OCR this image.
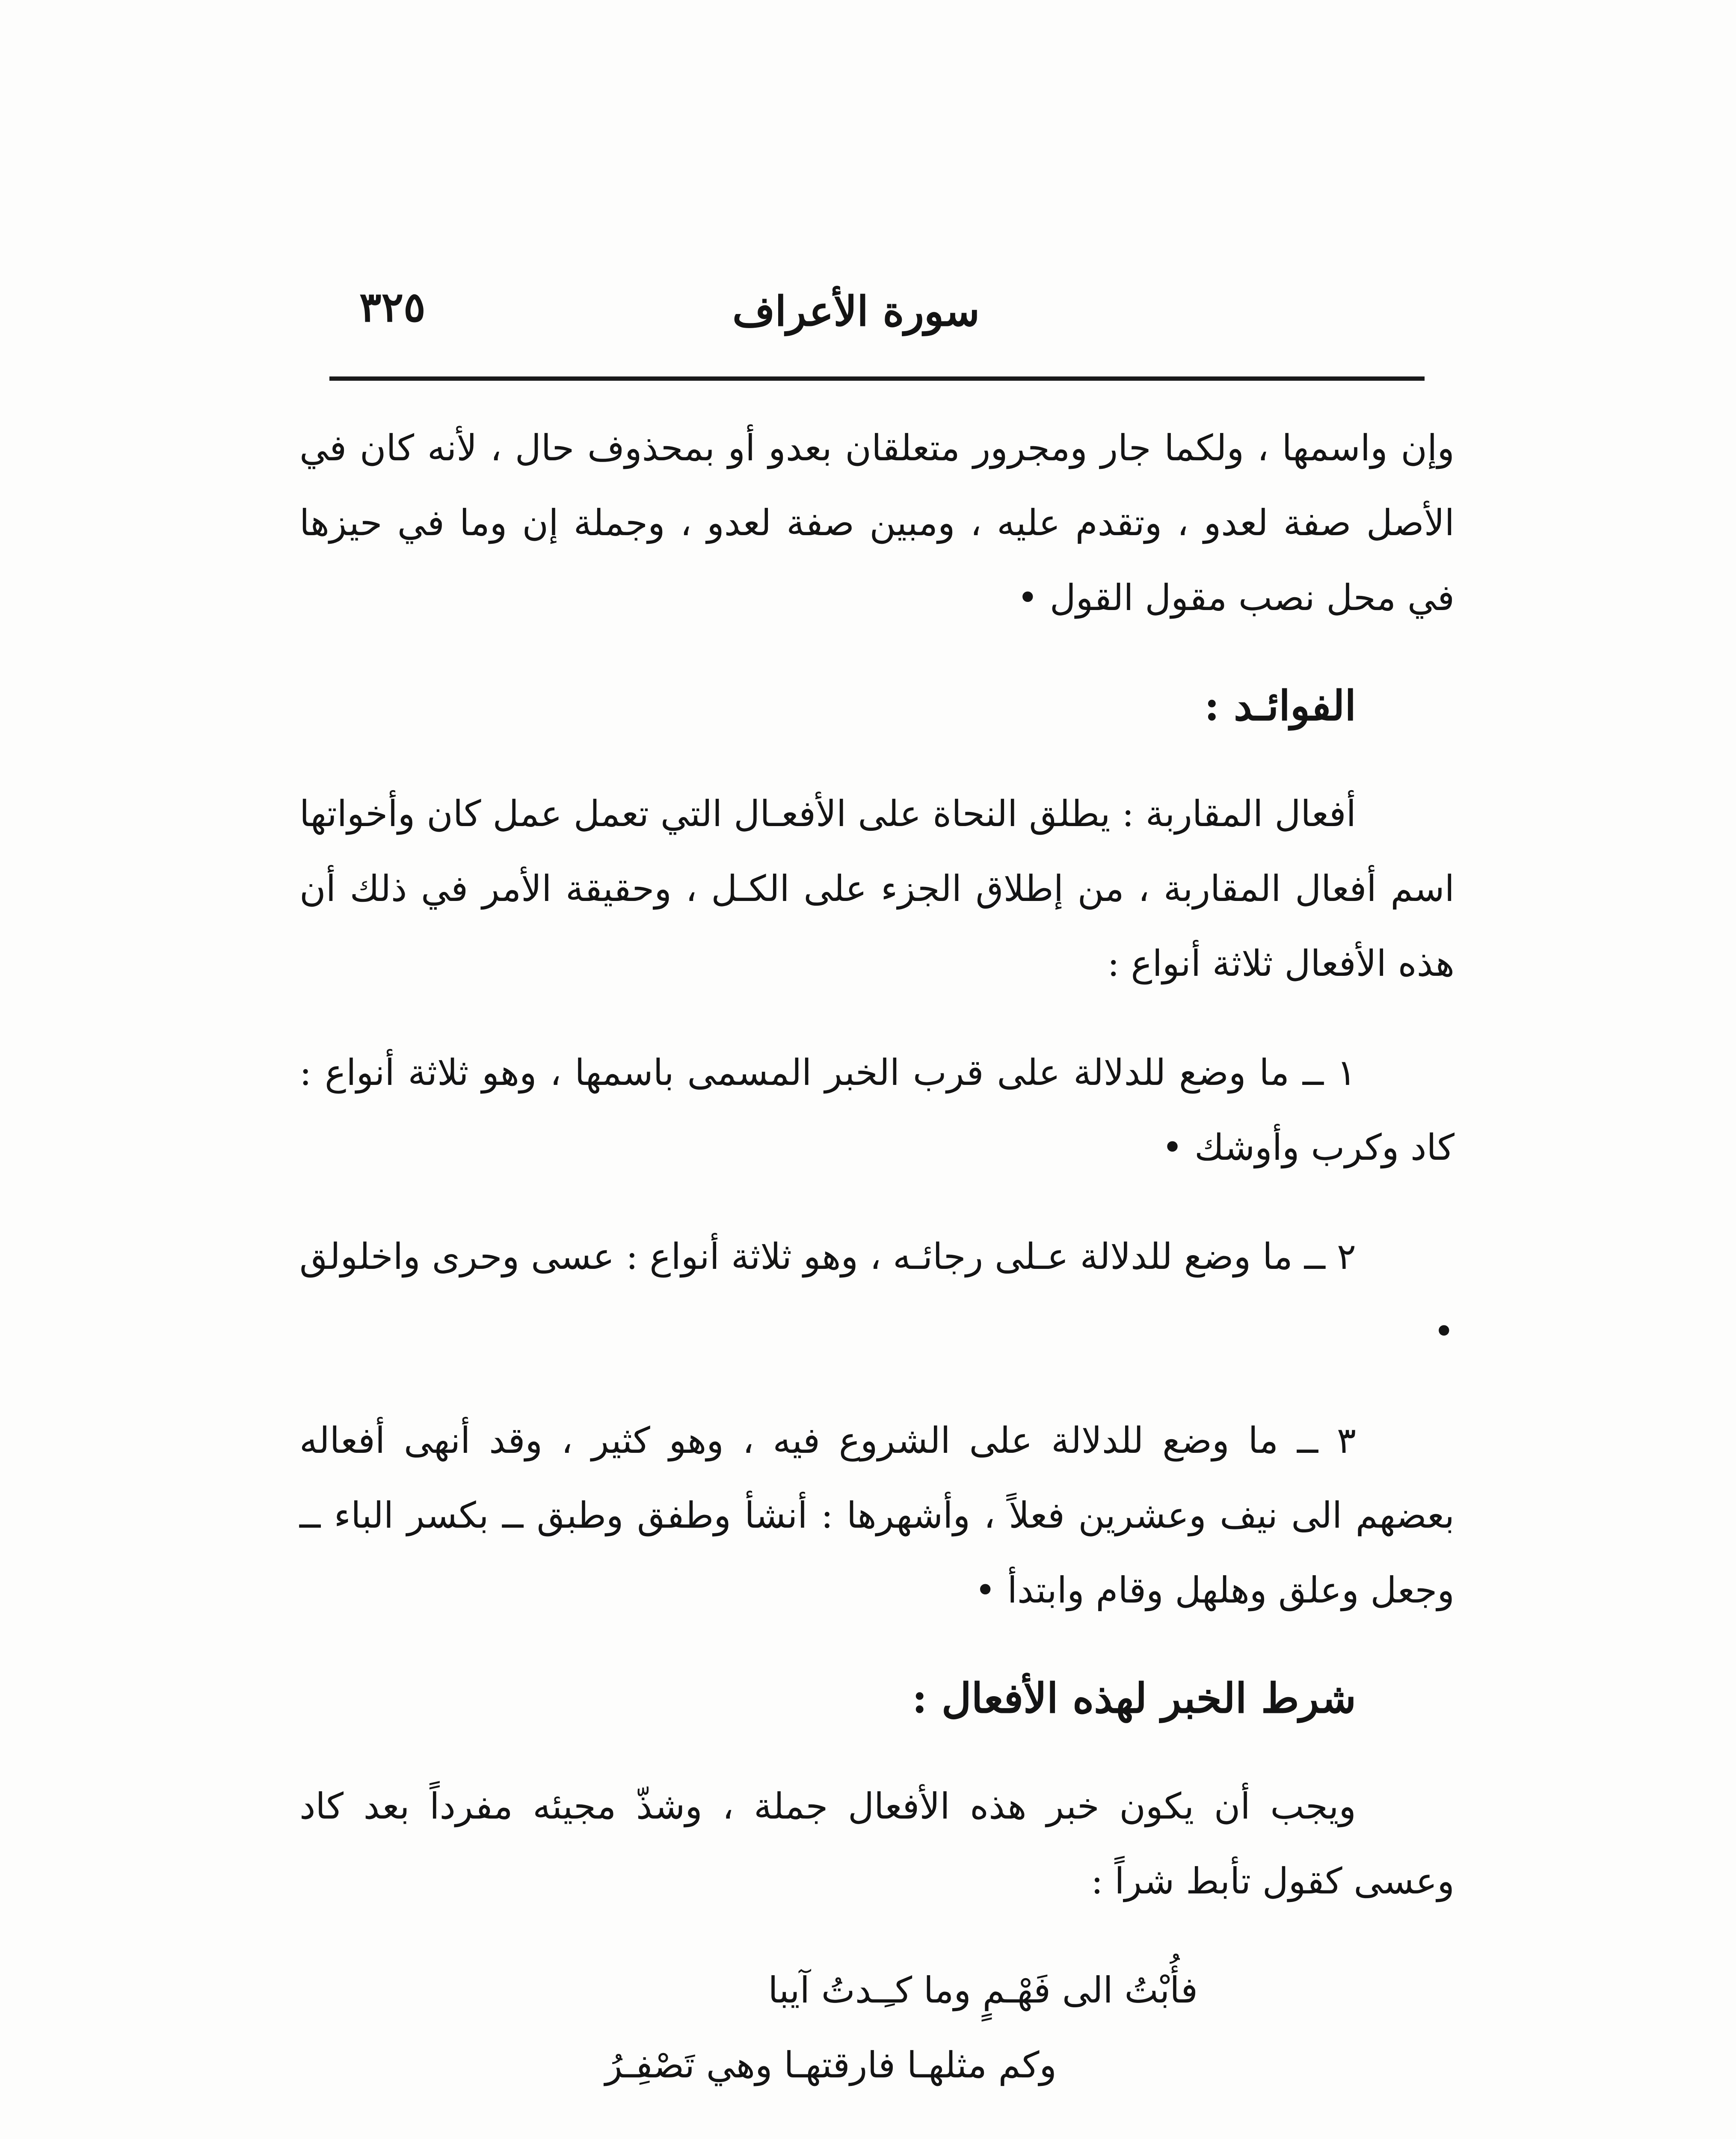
سورة الأعراف
٣٢٥

وإن واسمها ، ولكما جار ومجرور متعلقان بعدو أو بمحذوف حال ، لأنه كان في الأصل صفة لعدو ، وتقدم عليه ، ومبين صفة لعدو ، وجملة إن وما في حيزها في محل نصب مقول القول •

الفوائـد :

أفعال المقاربة : يطلق النحاة على الأفعـال التي تعمل عمل كان وأخواتها اسم أفعال المقاربة ، من إطلاق الجزء على الكـل ، وحقيقة الأمر في ذلك أن هذه الأفعال ثلاثة أنواع :

١ ــ ما وضع للدلالة على قرب الخبر المسمى باسمها ، وهو ثلاثة أنواع : كاد وكرب وأوشك •

٢ ــ ما وضع للدلالة عـلى رجائـه ، وهو ثلاثة أنواع : عسى وحرى واخلولق •

٣ ــ ما وضع للدلالة على الشروع فيه ، وهو كثير ، وقد أنهى أفعاله بعضهم الى نيف وعشرين فعلاً ، وأشهرها : أنشأ وطفق وطبق ــ بكسر الباء ــ وجعل وعلق وهلهل وقام وابتدأ •

شرط الخبر لهذه الأفعال :

ويجب أن يكون خبر هذه الأفعال جملة ، وشذّ مجيئه مفرداً بعد كاد وعسى كقول تأبط شراً :

فأُبْتُ الى فَهْـمٍ وما كـِـدتُ آيبا

وكم مثلهـا فارقتهـا وهي تَصْفِـرُ
